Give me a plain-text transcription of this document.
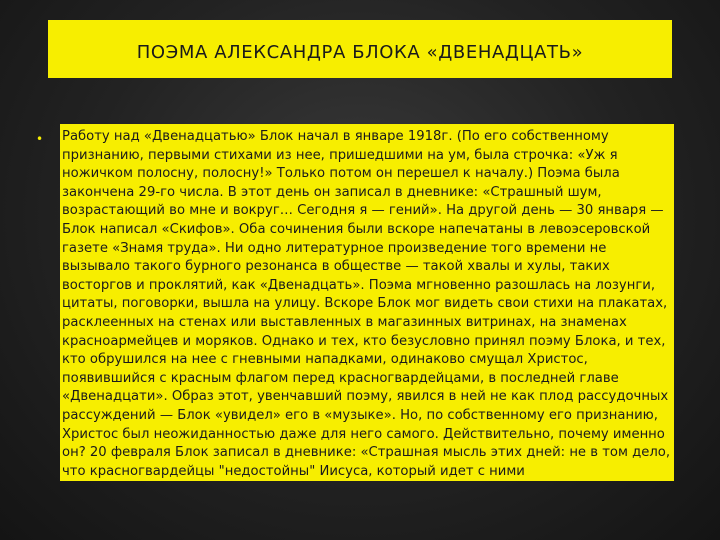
ПОЭМА АЛЕКСАНДРА БЛОКА «ДВЕНАДЦАТЬ»
• Работу над «Двенадцатью» Блок начал в январе 1918г. (По его собственному признанию, первыми стихами из нее, пришедшими на ум, была строчка: «Уж я ножичком полосну, полосну!» Только потом он перешел к началу.) Поэма была закончена 29-го числа. В этот день он записал в дневнике: «Страшный шум, возрастающий во мне и вокруг… Сегодня я — гений». На другой день — 30 января — Блок написал «Скифов». Оба сочинения были вскоре напечатаны в левоэсеровской газете «Знамя труда». Ни одно литературное произведение того времени не вызывало такого бурного резонанса в обществе — такой хвалы и хулы, таких восторгов и проклятий, как «Двенадцать». Поэма мгновенно разошлась на лозунги, цитаты, поговорки, вышла на улицу. Вскоре Блок мог видеть свои стихи на плакатах, расклеенных на стенах или выставленных в магазинных витринах, на знаменах красноармейцев и моряков. Однако и тех, кто безусловно принял поэму Блока, и тех, кто обрушился на нее с гневными нападками, одинаково смущал Христос, появившийся с красным флагом перед красногвардейцами, в последней главе «Двенадцати». Образ этот, увенчавший поэму, явился в ней не как плод рассудочных рассуждений — Блок «увидел» его в «музыке». Но, по собственному его признанию, Христос был неожиданностью даже для него самого. Действительно, почему именно он? 20 февраля Блок записал в дневнике: «Страшная мысль этих дней: не в том дело, что красногвардейцы "недостойны" Иисуса, который идет с ними
